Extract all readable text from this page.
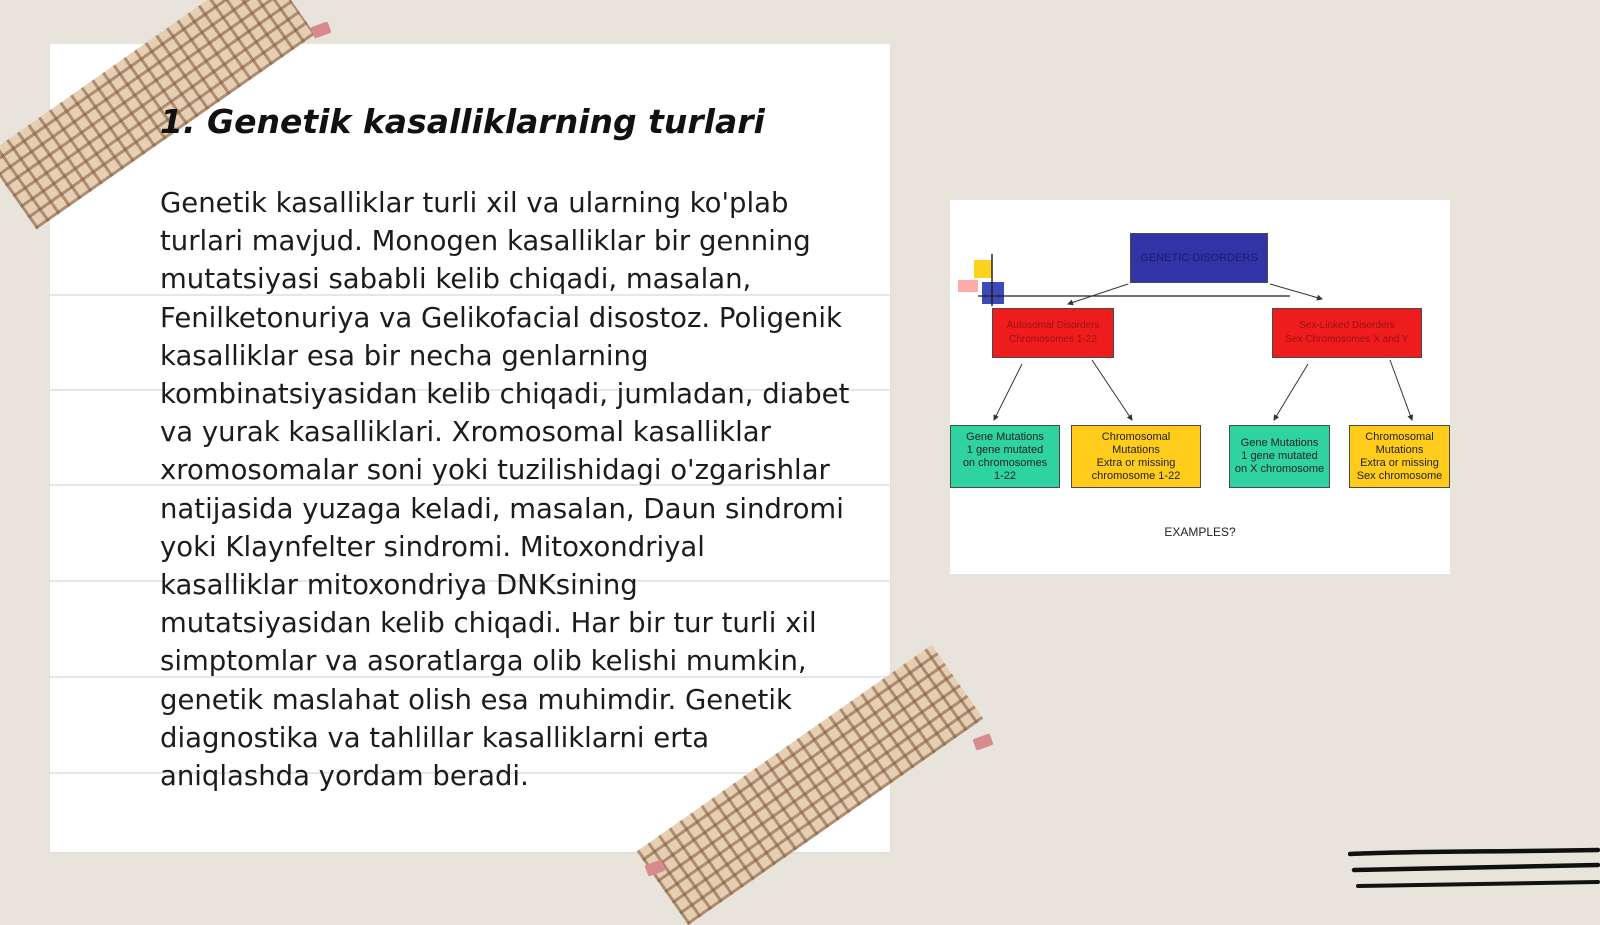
1. Genetik kasalliklarning turlari

Genetik kasalliklar turli xil va ularning ko'plab turlari mavjud. Monogen kasalliklar bir genning mutatsiyasi sababli kelib chiqadi, masalan, Fenilketonuriya va Gelikofacial disostoz. Poligenik kasalliklar esa bir necha genlarning kombinatsiyasidan kelib chiqadi, jumladan, diabet va yurak kasalliklari. Xromosomal kasalliklar xromosomalar soni yoki tuzilishidagi o'zgarishlar natijasida yuzaga keladi, masalan, Daun sindromi yoki Klaynfelter sindromi. Mitoxondriyal kasalliklar mitoxondriya DNKsining mutatsiyasidan kelib chiqadi. Har bir tur turli xil simptomlar va asoratlarga olib kelishi mumkin, genetik maslahat olish esa muhimdir. Genetik diagnostika va tahlillar kasalliklarni erta aniqlashda yordam beradi.

GENETIC DISORDERS
Autosomal Disorders
Chromosomes 1-22
Sex-Linked Disorders
Sex Chromosomes X and Y
Gene Mutations
1 gene mutated
on chromosomes
1-22
Chromosomal
Mutations
Extra or missing
chromosome 1-22
Gene Mutations
1 gene mutated
on X chromosome
Chromosomal
Mutations
Extra or missing
Sex chromosome
EXAMPLES?
